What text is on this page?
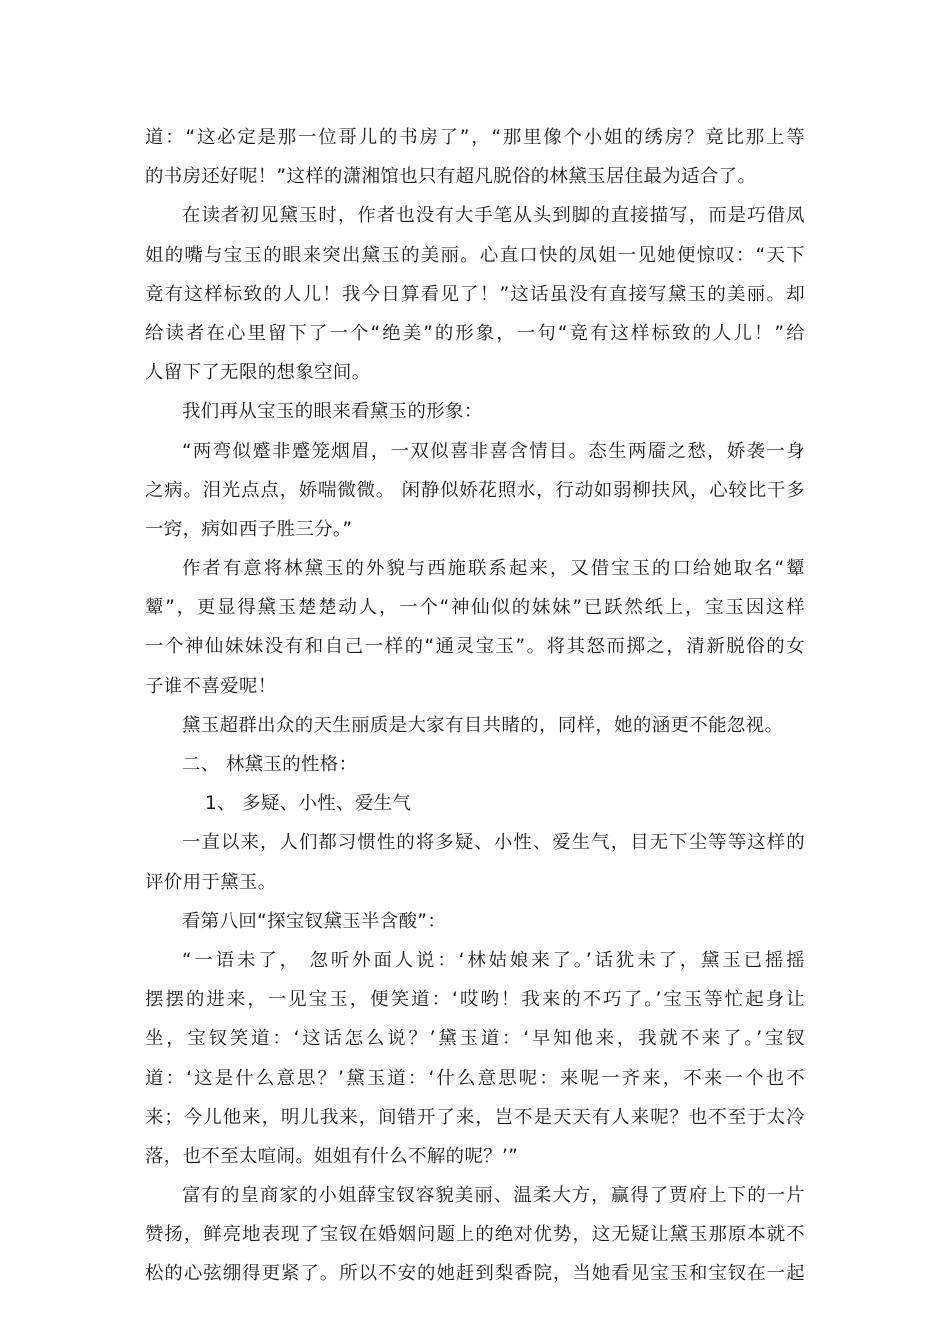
道：“这必定是那一位哥儿的书房了”，“那里像个小姐的绣房？竟比那上等
的书房还好呢！”这样的潇湘馆也只有超凡脱俗的林黛玉居住最为适合了。
在读者初见黛玉时，作者也没有大手笔从头到脚的直接描写，而是巧借凤
姐的嘴与宝玉的眼来突出黛玉的美丽。心直口快的凤姐一见她便惊叹：“天下
竟有这样标致的人儿！我今日算看见了！”这话虽没有直接写黛玉的美丽。却
给读者在心里留下了一个“绝美”的形象，一句“竟有这样标致的人儿！”给
人留下了无限的想象空间。
我们再从宝玉的眼来看黛玉的形象：
“两弯似蹙非蹙笼烟眉，一双似喜非喜含情目。态生两靥之愁，娇袭一身
之病。泪光点点，娇喘微微。 闲静似娇花照水，行动如弱柳扶风，心较比干多
一窍，病如西子胜三分。”
作者有意将林黛玉的外貌与西施联系起来，又借宝玉的口给她取名“颦
颦”，更显得黛玉楚楚动人，一个“神仙似的妹妹”已跃然纸上，宝玉因这样
一个神仙妹妹没有和自己一样的“通灵宝玉”。将其怒而掷之，清新脱俗的女
子谁不喜爱呢！
黛玉超群出众的天生丽质是大家有目共睹的，同样，她的涵更不能忽视。
二、 林黛玉的性格：
1、 多疑、小性、爱生气
一直以来，人们都习惯性的将多疑、小性、爱生气，目无下尘等等这样的
评价用于黛玉。
看第八回“探宝钗黛玉半含酸”：
“一语未了， 忽听外面人说：‘林姑娘来了。’话犹未了，黛玉已摇摇
摆摆的进来，一见宝玉，便笑道：‘哎哟！我来的不巧了。’宝玉等忙起身让
坐，宝钗笑道：‘这话怎么说？’黛玉道：‘早知他来，我就不来了。’宝钗
道：‘这是什么意思？’黛玉道：‘什么意思呢：来呢一齐来，不来一个也不
来；今儿他来，明儿我来，间错开了来，岂不是天天有人来呢？也不至于太冷
落，也不至太喧闹。姐姐有什么不解的呢？’”
富有的皇商家的小姐薛宝钗容貌美丽、温柔大方，赢得了贾府上下的一片
赞扬，鲜亮地表现了宝钗在婚姻问题上的绝对优势，这无疑让黛玉那原本就不
松的心弦绷得更紧了。所以不安的她赶到梨香院，当她看见宝玉和宝钗在一起
